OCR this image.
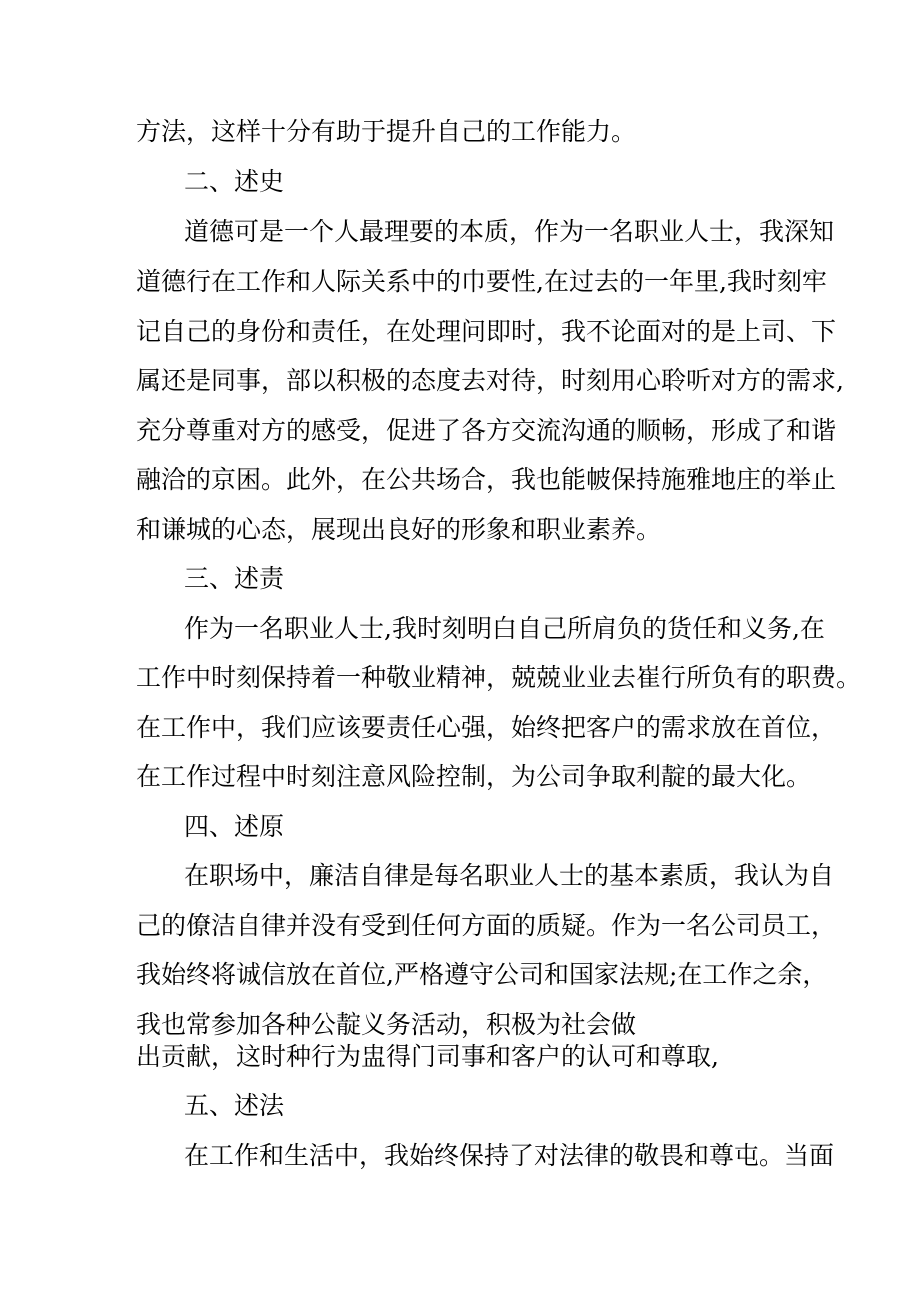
方法，这样十分有助于提升自己的工作能力。
二、述史
道德可是一个人最理要的本质，作为一名职业人士，我深知
道德行在工作和人际关系中的巾要性,在过去的一年里,我时刻牢
记自己的身份和责任，在处理问即时，我不论面对的是上司、下
属还是同事，部以积极的态度去对待，时刻用心聆听对方的需求,
充分尊重对方的感受，促进了各方交流沟通的顺畅，形成了和谐
融洽的京困。此外，在公共场合，我也能帔保持施雅地庄的举止
和谦城的心态，展现出良好的形象和职业素养。
三、述责
作为一名职业人士,我时刻明白自己所肩负的货任和义务,在
工作中时刻保持着一种敬业精神，兢兢业业去崔行所负有的职费。
在工作中，我们应该要责任心强，始终把客户的需求放在首位，
在工作过程中时刻注意风险控制，为公司争取利靛的最大化。
四、述原
在职场中，廉洁自律是每名职业人士的基本素质，我认为自
己的僚洁自律并没有受到任何方面的质疑。作为一名公司员工，
我始终将诚信放在首位,严格遵守公司和国家法规;在工作之余，
我也常参加各种公靛义务活动，积极为社会做
出贡献，这时种行为盅得门司事和客户的认可和尊取,
五、述法
在工作和生活中，我始终保持了对法律的敬畏和尊屯。当面
